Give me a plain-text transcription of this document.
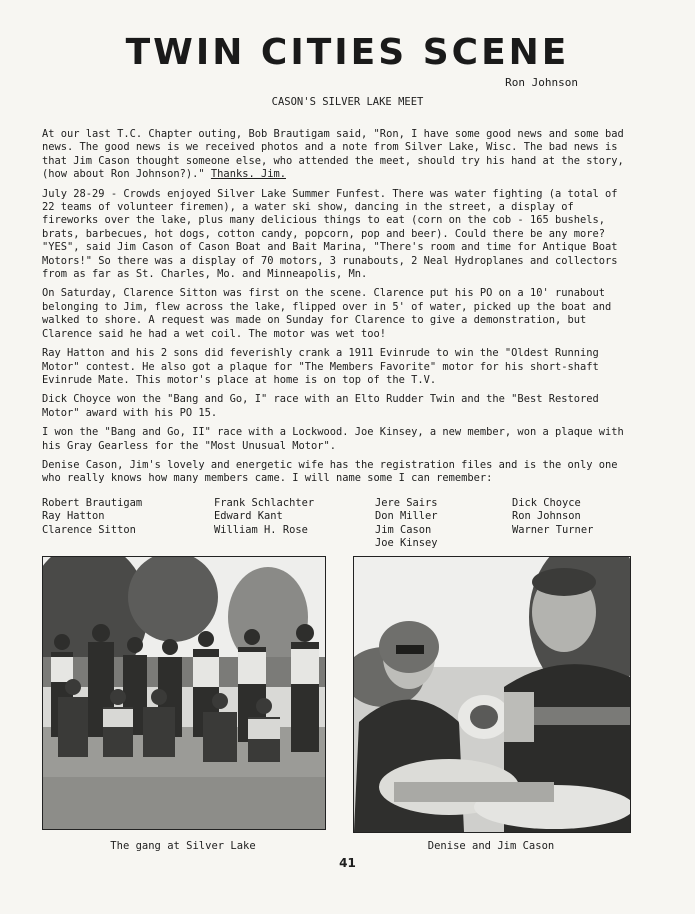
TWIN CITIES SCENE
Ron Johnson
CASON'S SILVER LAKE MEET

At our last T.C. Chapter outing, Bob Brautigam said, "Ron, I have some good news and some bad news. The good news is we received photos and a note from Silver Lake, Wisc. The bad news is that Jim Cason thought someone else, who attended the meet, should try his hand at the story, (how about Ron Johnson?)." Thanks. Jim.

July 28-29 - Crowds enjoyed Silver Lake Summer Funfest. There was water fighting (a total of 22 teams of volunteer firemen), a water ski show, dancing in the street, a display of fireworks over the lake, plus many delicious things to eat (corn on the cob - 165 bushels, brats, barbecues, hot dogs, cotton candy, popcorn, pop and beer). Could there be any more? "YES", said Jim Cason of Cason Boat and Bait Marina, "There's room and time for Antique Boat Motors!" So there was a display of 70 motors, 3 runabouts, 2 Neal Hydroplanes and collectors from as far as St. Charles, Mo. and Minneapolis, Mn.

On Saturday, Clarence Sitton was first on the scene. Clarence put his PO on a 10' runabout belonging to Jim, flew across the lake, flipped over in 5' of water, picked up the boat and walked to shore. A request was made on Sunday for Clarence to give a demonstration, but Clarence said he had a wet coil. The motor was wet too!

Ray Hatton and his 2 sons did feverishly crank a 1911 Evinrude to win the "Oldest Running Motor" contest. He also got a plaque for "The Members Favorite" motor for his short-shaft Evinrude Mate. This motor's place at home is on top of the T.V.

Dick Choyce won the "Bang and Go, I" race with an Elto Rudder Twin and the "Best Restored Motor" award with his PO 15.

I won the "Bang and Go, II" race with a Lockwood. Joe Kinsey, a new member, won a plaque with his Gray Gearless for the "Most Unusual Motor".

Denise Cason, Jim's lovely and energetic wife has the registration files and is the only one who really knows how many members came. I will name some I can remember:

Robert Brautigam
Ray Hatton
Clarence Sitton
Frank Schlachter
Edward Kant
William H. Rose
Jere Sairs
Don Miller
Jim Cason
Joe Kinsey
Dick Choyce
Ron Johnson
Warner Turner
The gang at Silver Lake	Denise and Jim Cason
41
